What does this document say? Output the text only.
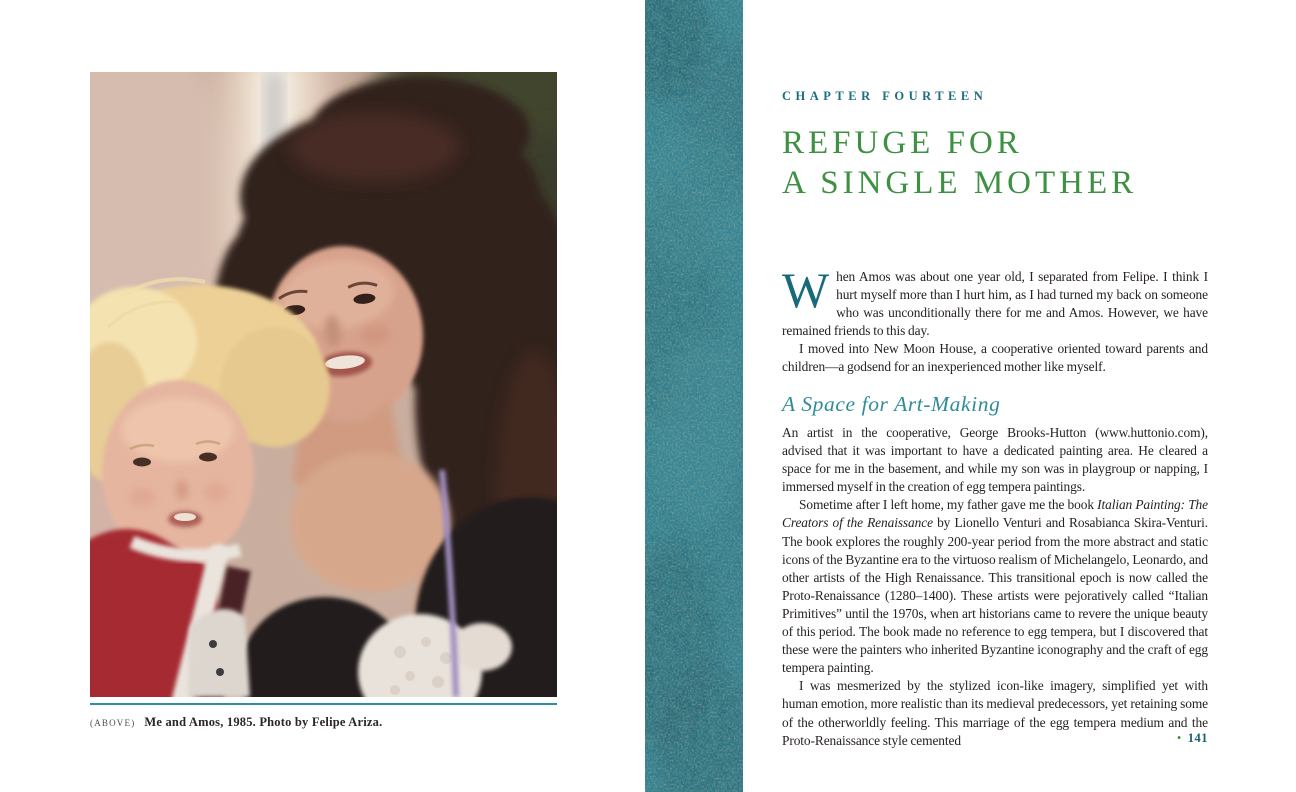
(ABOVE) Me and Amos, 1985. Photo by Felipe Ariza.
CHAPTER FOURTEEN
REFUGE FOR
A SINGLE MOTHER

When Amos was about one year old, I separated from Felipe. I think I hurt myself more than I hurt him, as I had turned my back on someone who was unconditionally there for me and Amos. However, we have remained friends to this day.

I moved into New Moon House, a cooperative oriented toward parents and children—a godsend for an inexperienced mother like myself.

A Space for Art-Making

An artist in the cooperative, George Brooks-Hutton (www.huttonio.com), advised that it was important to have a dedicated painting area. He cleared a space for me in the basement, and while my son was in playgroup or napping, I immersed myself in the creation of egg tempera paintings.

Sometime after I left home, my father gave me the book Italian Painting: The Creators of the Renaissance by Lionello Venturi and Rosabianca Skira-Venturi. The book explores the roughly 200-year period from the more abstract and static icons of the Byzantine era to the virtuoso realism of Michelangelo, Leonardo, and other artists of the High Renaissance. This transitional epoch is now called the Proto-Renaissance (1280–1400). These artists were pejoratively called “Italian Primitives” until the 1970s, when art historians came to revere the unique beauty of this period. The book made no reference to egg tempera, but I discovered that these were the painters who inherited Byzantine iconography and the craft of egg tempera painting.

I was mesmerized by the stylized icon-like imagery, simplified yet with human emotion, more realistic than its medieval predecessors, yet retaining some of the otherworldly feeling. This marriage of the egg tempera medium and the Proto-Renaissance style cemented	• 141
